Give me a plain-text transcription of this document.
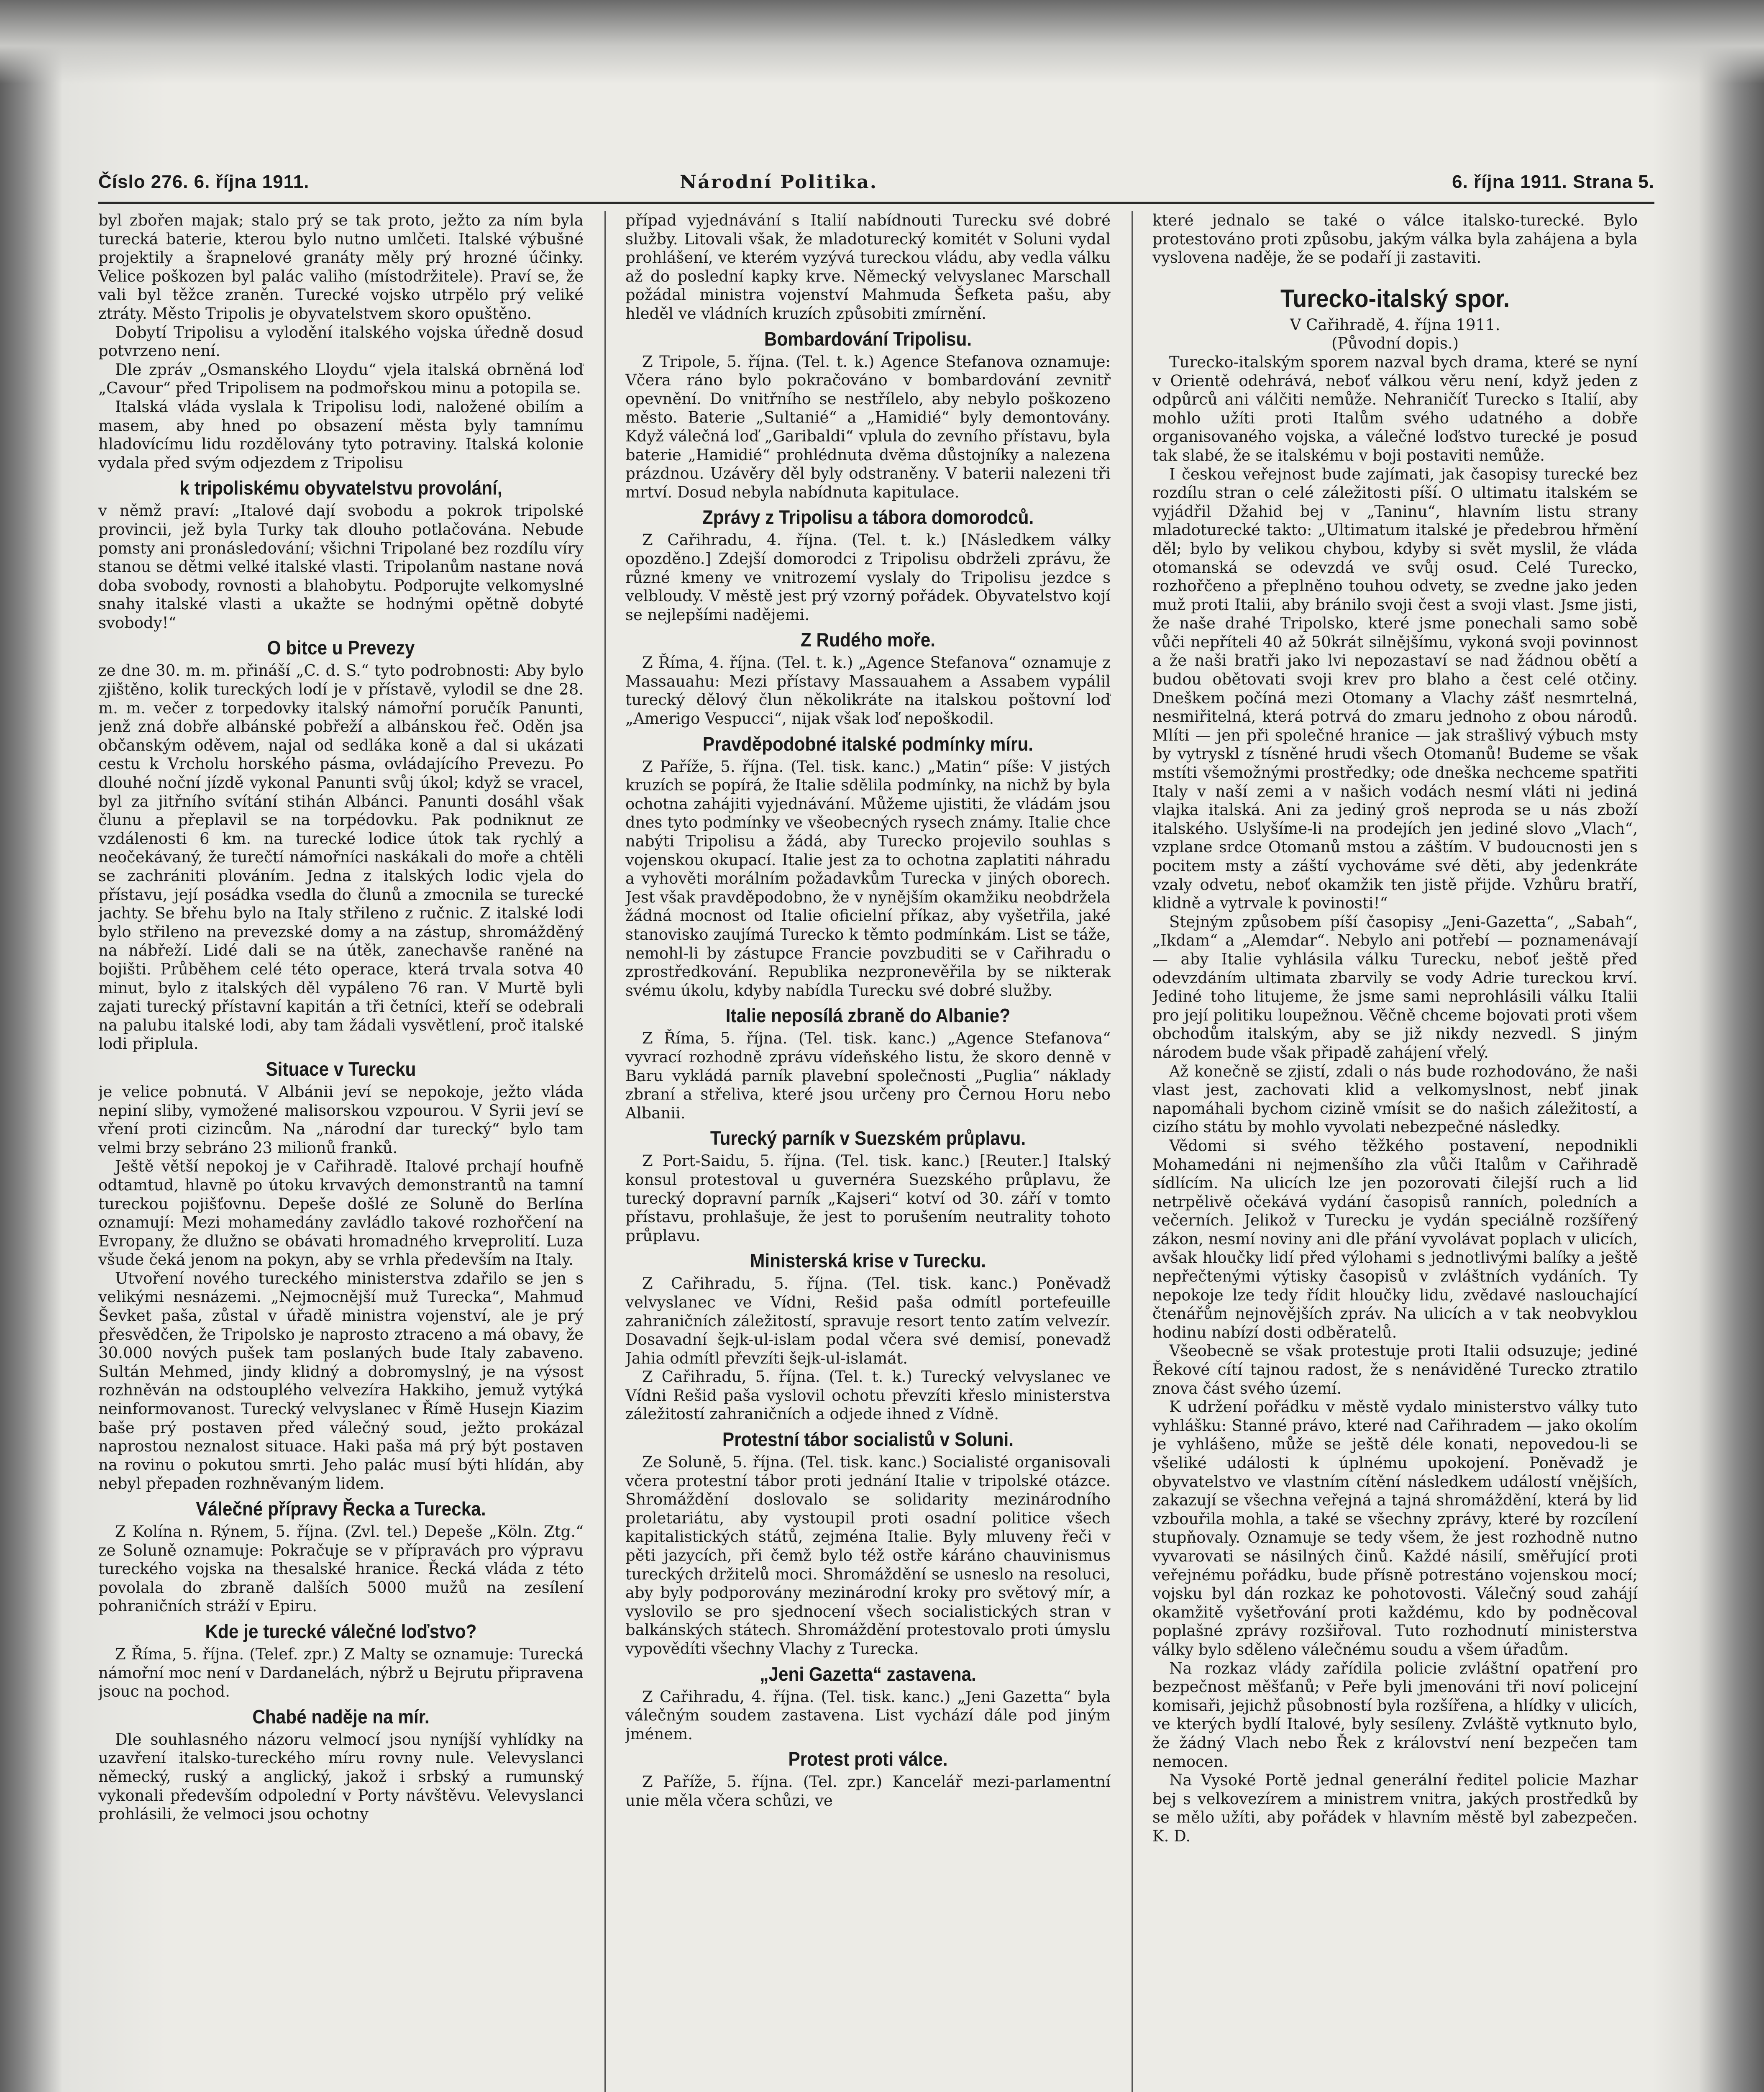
Číslo 276. 6. října 1911.	Národní Politika.	6. října 1911. Strana 5.

byl zbořen majak; stalo prý se tak proto, ježto za ním byla turecká baterie, kterou bylo nutno umlčeti. Italské výbušné projektily a šrapnelové granáty měly prý hrozné účinky. Velice poškozen byl palác valiho (místodržitele). Praví se, že vali byl těžce zraněn. Turecké vojsko utrpělo prý veliké ztráty. Město Tripolis je obyvatelstvem skoro opuštěno.

Dobytí Tripolisu a vylodění italského vojska úředně dosud potvrzeno není.

Dle zpráv „Osmanského Lloydu“ vjela italská obrněná loď „Cavour“ před Tripolisem na podmořskou minu a potopila se.

Italská vláda vyslala k Tripolisu lodi, naložené obilím a masem, aby hned po obsazení města byly tamnímu hladovícímu lidu rozdělovány tyto potraviny. Italská kolonie vydala před svým odjezdem z Tripolisu

k tripoliskému obyvatelstvu provolání,

v němž praví: „Italové dají svobodu a pokrok tripolské provincii, jež byla Turky tak dlouho potlačována. Nebude pomsty ani pronásledování; všichni Tripolané bez rozdílu víry stanou se dětmi velké italské vlasti. Tripolanům nastane nová doba svobody, rovnosti a blahobytu. Podporujte velkomyslné snahy italské vlasti a ukažte se hodnými opětně dobyté svobody!“

O bitce u Prevezy

ze dne 30. m. m. přináší „C. d. S.“ tyto podrobnosti: Aby bylo zjištěno, kolik tureckých lodí je v přístavě, vylodil se dne 28. m. m. večer z torpedovky italský námořní poručík Panunti, jenž zná dobře albánské pobřeží a albánskou řeč. Oděn jsa občanským oděvem, najal od sedláka koně a dal si ukázati cestu k Vrcholu horského pásma, ovládajícího Prevezu. Po dlouhé noční jízdě vykonal Panunti svůj úkol; když se vracel, byl za jitřního svítání stihán Albánci. Panunti dosáhl však člunu a přeplavil se na torpédovku. Pak podniknut ze vzdálenosti 6 km. na turecké lodice útok tak rychlý a neočekávaný, že turečtí námořníci naskákali do moře a chtěli se zachrániti plováním. Jedna z italských lodic vjela do přístavu, její posádka vsedla do člunů a zmocnila se turecké jachty. Se břehu bylo na Italy střileno z ručnic. Z italské lodi bylo střileno na prevezské domy a na zástup, shromážděný na nábřeží. Lidé dali se na útěk, zanechavše raněné na bojišti. Průběhem celé této operace, která trvala sotva 40 minut, bylo z italských děl vypáleno 76 ran. V Murtě byli zajati turecký přístavní kapitán a tři četníci, kteří se odebrali na palubu italské lodi, aby tam žádali vysvětlení, proč italské lodi připlula.

Situace v Turecku

je velice pobnutá. V Albánii jeví se nepokoje, ježto vláda nepiní sliby, vymožené malisorskou vzpourou. V Syrii jeví se vření proti cizincům. Na „národní dar turecký“ bylo tam velmi brzy sebráno 23 milionů franků.

Ještě větší nepokoj je v Cařihradě. Italové prchají houfně odtamtud, hlavně po útoku krvavých demonstrantů na tamní tureckou pojišťovnu. Depeše došlé ze Soluně do Berlína oznamují: Mezi mohamedány zavládlo takové rozhořčení na Evropany, že dlužno se obávati hromadného krveprolití. Luza všude čeká jenom na pokyn, aby se vrhla především na Italy.

Utvoření nového tureckého ministerstva zdařilo se jen s velikými nesnázemi. „Nejmocnější muž Turecka“, Mahmud Ševket paša, zůstal v úřadě ministra vojenství, ale je prý přesvědčen, že Tripolsko je naprosto ztraceno a má obavy, že 30.000 nových pušek tam poslaných bude Italy zabaveno. Sultán Mehmed, jindy klidný a dobromyslný, je na výsost rozhněván na odstouplého velvezíra Hakkiho, jemuž vytýká neinformovanost. Turecký velvyslanec v Římě Husejn Kiazim baše prý postaven před válečný soud, ježto prokázal naprostou neznalost situace. Haki paša má prý být postaven na rovinu o pokutou smrti. Jeho palác musí býti hlídán, aby nebyl přepaden rozhněvaným lidem.

Válečné přípravy Řecka a Turecka.

Z Kolína n. Rýnem, 5. října. (Zvl. tel.) Depeše „Köln. Ztg.“ ze Soluně oznamuje: Pokračuje se v přípravách pro výpravu tureckého vojska na thesalské hranice. Řecká vláda z této povolala do zbraně dalších 5000 mužů na zesílení pohraničních stráží v Epiru.

Kde je turecké válečné loďstvo?

Z Říma, 5. října. (Telef. zpr.) Z Malty se oznamuje: Turecká námořní moc není v Dardanelách, nýbrž u Bejrutu připravena jsouc na pochod.

Chabé naděje na mír.

Dle souhlasného názoru velmocí jsou nyníjší vyhlídky na uzavření italsko-tureckého míru rovny nule. Velevyslanci německý, ruský a anglický, jakož i srbský a rumunský vykonali především odpolední v Porty návštěvu. Velevyslanci prohlásili, že velmoci jsou ochotny

případ vyjednávání s Italií nabídnouti Turecku své dobré služby. Litovali však, že mladoturecký komitét v Soluni vydal prohlášení, ve kterém vyzývá tureckou vládu, aby vedla válku až do poslední kapky krve. Německý velvyslanec Marschall požádal ministra vojenství Mahmuda Šefketa pašu, aby hleděl ve vládních kruzích způsobiti zmírnění.

Bombardování Tripolisu.

Z Tripole, 5. října. (Tel. t. k.) Agence Stefanova oznamuje: Včera ráno bylo pokračováno v bombardování zevnitř opevnění. Do vnitřního se nestřílelo, aby nebylo poškozeno město. Baterie „Sultanié“ a „Hamidié“ byly demontovány. Když válečná loď „Garibaldi“ vplula do zevního přístavu, byla baterie „Hamidié“ prohlédnuta dvěma důstojníky a nalezena prázdnou. Uzávěry děl byly odstraněny. V baterii nalezeni tři mrtví. Dosud nebyla nabídnuta kapitulace.

Zprávy z Tripolisu a tábora domorodců.

Z Cařihradu, 4. října. (Tel. t. k.) [Následkem války opozděno.] Zdejší domorodci z Tripolisu obdrželi zprávu, že různé kmeny ve vnitrozemí vyslaly do Tripolisu jezdce s velbloudy. V městě jest prý vzorný pořádek. Obyvatelstvo kojí se nejlepšími nadějemi.

Z Rudého moře.

Z Říma, 4. října. (Tel. t. k.) „Agence Stefanova“ oznamuje z Massauahu: Mezi přístavy Massauahem a Assabem vypálil turecký dělový člun několikráte na italskou poštovní loď „Amerigo Vespucci“, nijak však loď nepoškodil.

Pravděpodobné italské podmínky míru.

Z Paříže, 5. října. (Tel. tisk. kanc.) „Matin“ píše: V jistých kruzích se popírá, že Italie sdělila podmínky, na nichž by byla ochotna zahájiti vyjednávání. Můžeme ujistiti, že vládám jsou dnes tyto podmínky ve všeobecných rysech známy. Italie chce nabýti Tripolisu a žádá, aby Turecko projevilo souhlas s vojenskou okupací. Italie jest za to ochotna zaplatiti náhradu a vyhověti morálním požadavkům Turecka v jiných oborech. Jest však pravděpodobno, že v nynějším okamžiku neobdržela žádná mocnost od Italie oficielní příkaz, aby vyšetřila, jaké stanovisko zaujímá Turecko k těmto podmínkám. List se táže, nemohl-li by zástupce Francie povzbuditi se v Cařihradu o zprostředkování. Republika nezpronevěřila by se nikterak svému úkolu, kdyby nabídla Turecku své dobré služby.

Italie neposílá zbraně do Albanie?

Z Říma, 5. října. (Tel. tisk. kanc.) „Agence Stefanova“ vyvrací rozhodně zprávu vídeňského listu, že skoro denně v Baru vykládá parník plavební společnosti „Puglia“ náklady zbraní a střeliva, které jsou určeny pro Černou Horu nebo Albanii.

Turecký parník v Suezském průplavu.

Z Port-Saidu, 5. října. (Tel. tisk. kanc.) [Reuter.] Italský konsul protestoval u guvernéra Suezského průplavu, že turecký dopravní parník „Kajseri“ kotví od 30. září v tomto přístavu, prohlašuje, že jest to porušením neutrality tohoto průplavu.

Ministerská krise v Turecku.

Z Cařihradu, 5. října. (Tel. tisk. kanc.) Poněvadž velvyslanec ve Vídni, Rešid paša odmítl portefeuille zahraničních záležitostí, spravuje resort tento zatím velvezír. Dosavadní šejk-ul-islam podal včera své demisí, ponevadž Jahia odmítl převzíti šejk-ul-islamát.

Z Cařihradu, 5. října. (Tel. t. k.) Turecký velvyslanec ve Vídni Rešid paša vyslovil ochotu převzíti křeslo ministerstva záležitostí zahraničních a odjede ihned z Vídně.

Protestní tábor socialistů v Soluni.

Ze Soluně, 5. října. (Tel. tisk. kanc.) Socialisté organisovali včera protestní tábor proti jednání Italie v tripolské otázce. Shromáždění doslovalo se solidarity mezinárodního proletariátu, aby vystoupil proti osadní politice všech kapitalistických států, zejména Italie. Byly mluveny řeči v pěti jazycích, při čemž bylo též ostře káráno chauvinismus tureckých držitelů moci. Shromáždění se usneslo na resoluci, aby byly podporovány mezinárodní kroky pro světový mír, a vyslovilo se pro sjednocení všech socialistických stran v balkánských státech. Shromáždění protestovalo proti úmyslu vypovědíti všechny Vlachy z Turecka.

„Jeni Gazetta“ zastavena.

Z Cařihradu, 4. října. (Tel. tisk. kanc.) „Jeni Gazetta“ byla válečným soudem zastavena. List vychází dále pod jiným jménem.

Protest proti válce.

Z Paříže, 5. října. (Tel. zpr.) Kancelář mezi-parlamentní unie měla včera schůzi, ve

které jednalo se také o válce italsko-turecké. Bylo protestováno proti způsobu, jakým válka byla zahájena a byla vyslovena naděje, že se podaří ji zastaviti.

Turecko-italský spor.

V Cařihradě, 4. října 1911.

(Původní dopis.)

Turecko-italským sporem nazval bych drama, které se nyní v Orientě odehrává, neboť válkou věru není, když jeden z odpůrců ani válčiti nemůže. Nehraničíť Turecko s Italií, aby mohlo užíti proti Italům svého udatného a dobře organisovaného vojska, a válečné loďstvo turecké je posud tak slabé, že se italskému v boji postaviti nemůže.

I českou veřejnost bude zajímati, jak časopisy turecké bez rozdílu stran o celé záležitosti píší. O ultimatu italském se vyjádřil Džahid bej v „Taninu“, hlavním listu strany mladoturecké takto: „Ultimatum italské je předebrou hřmění děl; bylo by velikou chybou, kdyby si svět myslil, že vláda otomanská se odevzdá ve svůj osud. Celé Turecko, rozhořčeno a přeplněno touhou odvety, se zvedne jako jeden muž proti Italii, aby bránilo svoji čest a svoji vlast. Jsme jisti, že naše drahé Tripolsko, které jsme ponechali samo sobě vůči nepříteli 40 až 50krát silnějšímu, vykoná svoji povinnost a že naši bratři jako lvi nepozastaví se nad žádnou obětí a budou obětovati svoji krev pro blaho a čest celé otčiny. Dneškem počíná mezi Otomany a Vlachy zášť nesmrtelná, nesmiřitelná, která potrvá do zmaru jednoho z obou národů. Mlíti — jen při společné hranice — jak strašlivý výbuch msty by vytryskl z tísněné hrudi všech Otomanů! Budeme se však mstíti všemožnými prostředky; ode dneška nechceme spatřiti Italy v naší zemi a v našich vodách nesmí vláti ni jediná vlajka italská. Ani za jediný groš neproda se u nás zboží italského. Uslyšíme-li na prodejích jen jediné slovo „Vlach“, vzplane srdce Otomanů mstou a záštím. V budoucnosti jen s pocitem msty a záští vychováme své děti, aby jedenkráte vzaly odvetu, neboť okamžik ten jistě přijde. Vzhůru bratří, klidně a vytrvale k povinosti!“

Stejným způsobem píší časopisy „Jeni-Gazetta“, „Sabah“, „Ikdam“ a „Alemdar“. Nebylo ani potřebí — poznamenávají — aby Italie vyhlásila válku Turecku, neboť ještě před odevzdáním ultimata zbarvily se vody Adrie tureckou krví. Jediné toho litujeme, že jsme sami neprohlásili válku Italii pro její politiku loupežnou. Věčně chceme bojovati proti všem obchodům italským, aby se již nikdy nezvedl. S jiným národem bude však připadě zahájení vřelý.

Až konečně se zjistí, zdali o nás bude rozhodováno, že naši vlast jest, zachovati klid a velkomyslnost, nebť jinak napomáhali bychom cizině vmísit se do našich záležitostí, a cizího státu by mohlo vyvolati nebezpečné následky.

Vědomi si svého těžkého postavení, nepodnikli Mohamedáni ni nejmenšího zla vůči Italům v Cařihradě sídlícím. Na ulicích lze jen pozorovati čilejší ruch a lid netrpělivě očekává vydání časopisů ranních, poledních a večerních. Jelikož v Turecku je vydán speciálně rozšířený zákon, nesmí noviny ani dle přání vyvolávat poplach v ulicích, avšak hloučky lidí před výlohami s jednotlivými balíky a ještě nepřečtenými výtisky časopisů v zvláštních vydáních. Ty nepokoje lze tedy řídit hloučky lidu, zvědavé naslouchající čtenářům nejnovějších zpráv. Na ulicích a v tak neobvyklou hodinu nabízí dosti odběratelů.

Všeobecně se však protestuje proti Italii odsuzuje; jediné Řekové cítí tajnou radost, že s nenáviděné Turecko ztratilo znova část svého území.

K udržení pořádku v městě vydalo ministerstvo války tuto vyhlášku: Stanné právo, které nad Cařihradem — jako okolím je vyhlášeno, může se ještě déle konati, nepovedou-li se všeliké události k úplnému upokojení. Poněvadž je obyvatelstvo ve vlastním cítění následkem událostí vnějších, zakazují se všechna veřejná a tajná shromáždění, která by lid vzbouřila mohla, a také se všechny zprávy, které by rozcílení stupňovaly. Oznamuje se tedy všem, že jest rozhodně nutno vyvarovati se násilných činů. Každé násilí, směřující proti veřejnému pořádku, bude přísně potrestáno vojenskou mocí; vojsku byl dán rozkaz ke pohotovosti. Válečný soud zahájí okamžitě vyšetřování proti každému, kdo by podněcoval poplašné zprávy rozšiřoval. Tuto rozhodnutí ministerstva války bylo sděleno válečnému soudu a všem úřadům.

Na rozkaz vlády zařídila policie zvláštní opatření pro bezpečnost měšťanů; v Peře byli jmenováni tři noví policejní komisaři, jejichž působností byla rozšířena, a hlídky v ulicích, ve kterých bydlí Italové, byly sesíleny. Zvláště vytknuto bylo, že žádný Vlach nebo Řek z království není bezpečen tam nemocen.

Na Vysoké Portě jednal generální ředitel policie Mazhar bej s velkovezírem a ministrem vnitra, jakých prostředků by se mělo užíti, aby pořádek v hlavním městě byl zabezpečen. K. D.
